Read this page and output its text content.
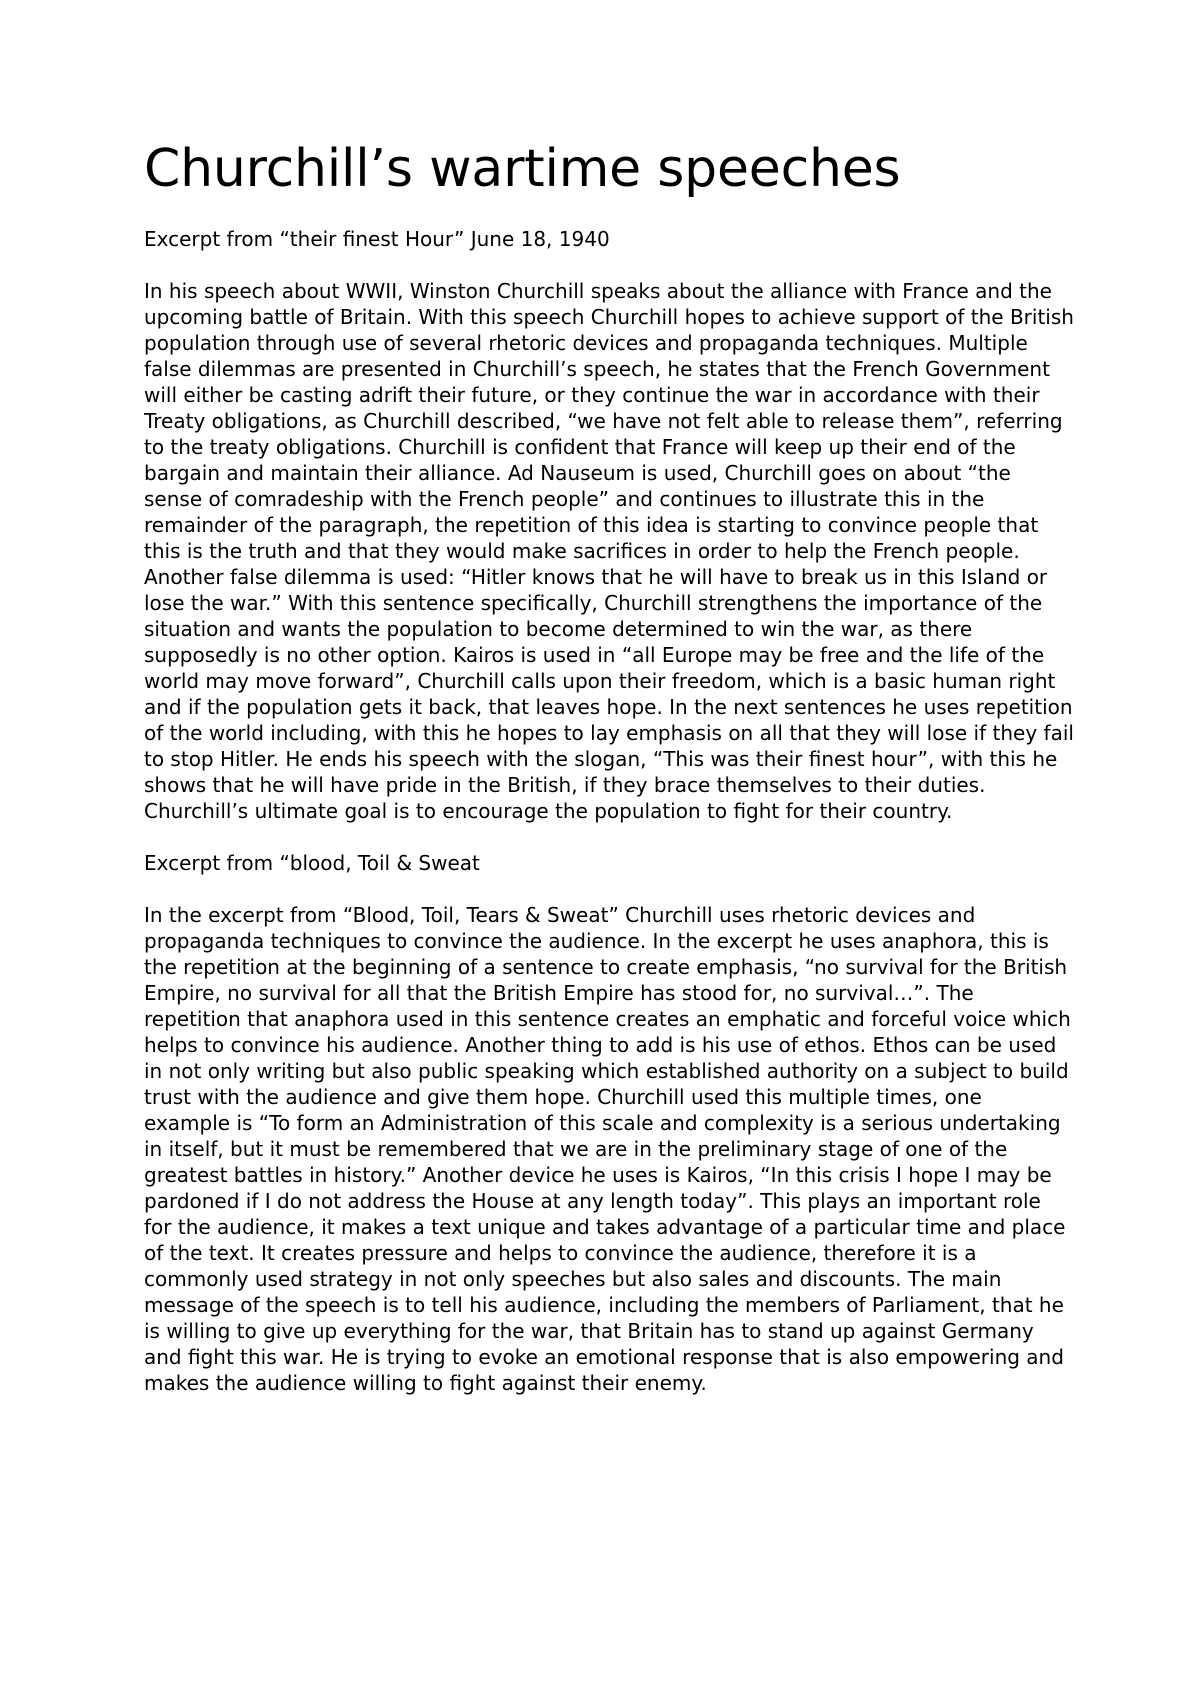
Churchill’s wartime speeches

Excerpt from “their finest Hour” June 18, 1940

In his speech about WWII, Winston Churchill speaks about the alliance with France and the upcoming battle of Britain. With this speech Churchill hopes to achieve support of the British population through use of several rhetoric devices and propaganda techniques. Multiple false dilemmas are presented in Churchill’s speech, he states that the French Government will either be casting adrift their future, or they continue the war in accordance with their Treaty obligations, as Churchill described, “we have not felt able to release them”, referring to the treaty obligations. Churchill is confident that France will keep up their end of the bargain and maintain their alliance. Ad Nauseum is used, Churchill goes on about “the sense of comradeship with the French people” and continues to illustrate this in the remainder of the paragraph, the repetition of this idea is starting to convince people that this is the truth and that they would make sacrifices in order to help the French people. Another false dilemma is used: “Hitler knows that he will have to break us in this Island or lose the war.” With this sentence specifically, Churchill strengthens the importance of the situation and wants the population to become determined to win the war, as there supposedly is no other option. Kairos is used in “all Europe may be free and the life of the world may move forward”, Churchill calls upon their freedom, which is a basic human right and if the population gets it back, that leaves hope. In the next sentences he uses repetition of the world including, with this he hopes to lay emphasis on all that they will lose if they fail to stop Hitler. He ends his speech with the slogan, “This was their finest hour”, with this he shows that he will have pride in the British, if they brace themselves to their duties. Churchill’s ultimate goal is to encourage the population to fight for their country.

Excerpt from “blood, Toil & Sweat

In the excerpt from “Blood, Toil, Tears & Sweat” Churchill uses rhetoric devices and propaganda techniques to convince the audience. In the excerpt he uses anaphora, this is the repetition at the beginning of a sentence to create emphasis, “no survival for the British Empire, no survival for all that the British Empire has stood for, no survival…”. The repetition that anaphora used in this sentence creates an emphatic and forceful voice which helps to convince his audience. Another thing to add is his use of ethos. Ethos can be used in not only writing but also public speaking which established authority on a subject to build trust with the audience and give them hope. Churchill used this multiple times, one example is “To form an Administration of this scale and complexity is a serious undertaking in itself, but it must be remembered that we are in the preliminary stage of one of the greatest battles in history.” Another device he uses is Kairos, “In this crisis I hope I may be pardoned if I do not address the House at any length today”. This plays an important role for the audience, it makes a text unique and takes advantage of a particular time and place of the text. It creates pressure and helps to convince the audience, therefore it is a commonly used strategy in not only speeches but also sales and discounts. The main message of the speech is to tell his audience, including the members of Parliament, that he is willing to give up everything for the war, that Britain has to stand up against Germany and fight this war. He is trying to evoke an emotional response that is also empowering and makes the audience willing to fight against their enemy.
